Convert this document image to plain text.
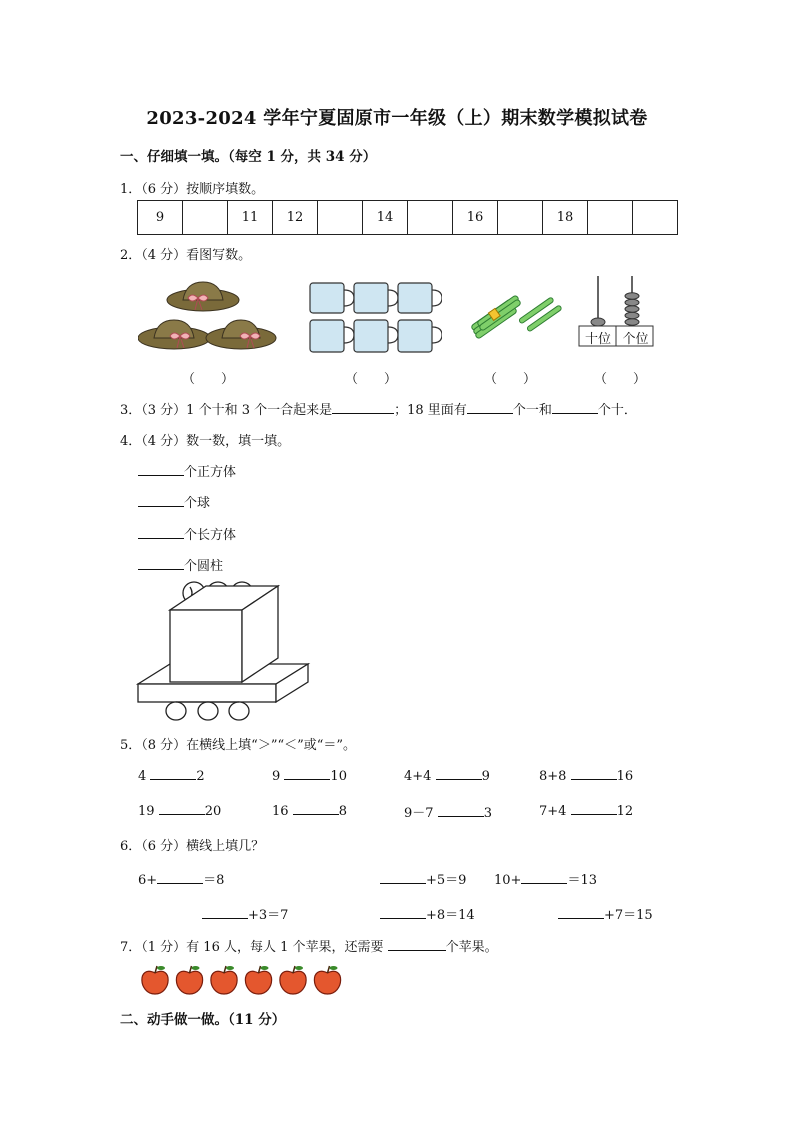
2023-2024 学年宁夏固原市一年级（上）期末数学模拟试卷
一、仔细填一填。（每空 1 分，共 34 分）
1．（6 分）按顺序填数。
9		11	12		14		16		18		
2．（4 分）看图写数。
十位 个位
（　　）	（　　）	（　　）	（　　）
3．（3 分）1 个十和 3 个一合起来是	；18 里面有	个一和	个十．
4．（4 分）数一数，填一填。
个正方体
个球
个长方体
个圆柱
5．（8 分）在横线上填“＞”“＜”或“＝”。
4	2	9	10	4+4	9	8+8	16
19	20	16	8	9－7	3	7+4	12
6．（6 分）横线上填几？
6+	＝8	+5＝9 10+	＝13
+3＝7	+8＝14	+7＝15
7．（1 分）有 16 人，每人 1 个苹果，还需要	个苹果。
二、动手做一做。（11 分）
